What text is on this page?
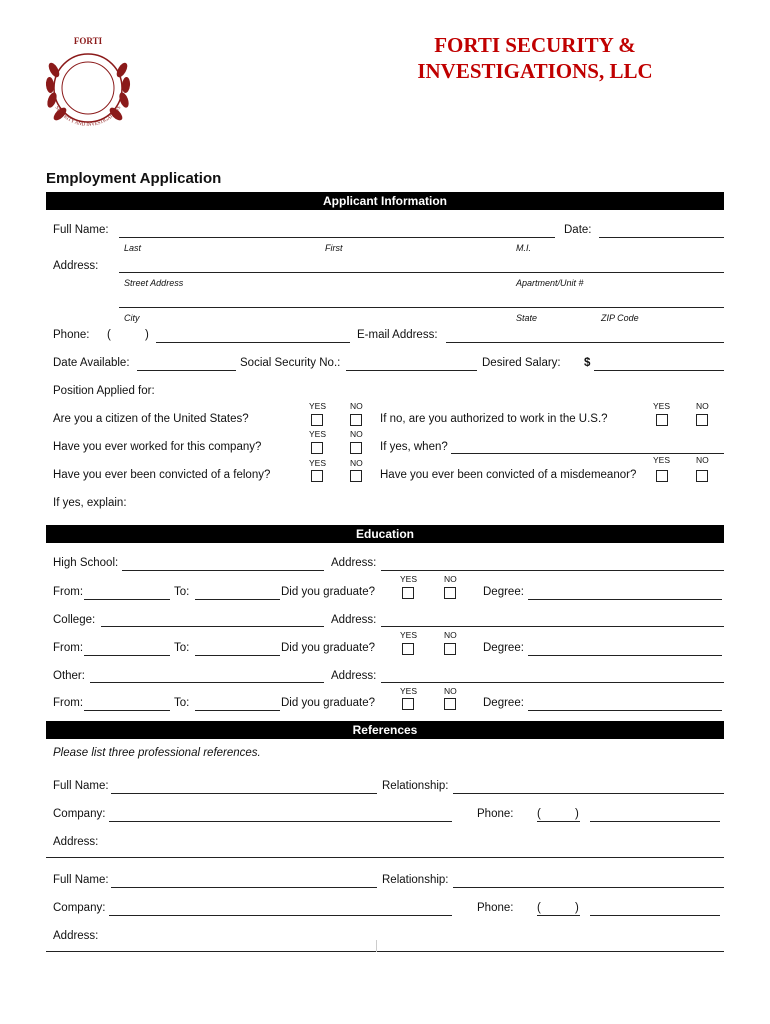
FORTI
SECURITY AND INVESTIGATIONS
FORTI SECURITY &
INVESTIGATIONS, LLC
Employment Application
Applicant Information
Full Name:	Date:
Last	First	M.I.
Address:
Street Address	Apartment/Unit #
City	State	ZIP Code
Phone: (	)	E-mail Address:
Date Available:	Social Security No.:	Desired Salary: $
Position Applied for:
YES	NO
Are you a citizen of the United States?	If no, are you authorized to work in the U.S.?
YES	NO
YES	NO
Have you ever worked for this company?	If yes, when?
YES	NO	YES	NO
Have you ever been convicted of a felony?	Have you ever been convicted of a misdemeanor?
If yes, explain:
Education
High School:	Address:
YES	NO
From:	To:	Did you graduate?	Degree:
College:	Address:
YES	NO
From:	To:	Did you graduate?	Degree:
Other:	Address:
YES	NO
From:	To:	Did you graduate?	Degree:
References
Please list three professional references.
Full Name:	Relationship:
Company:	Phone: (	)
Address:
Full Name:	Relationship:
Company:	Phone: (	)
Address:
